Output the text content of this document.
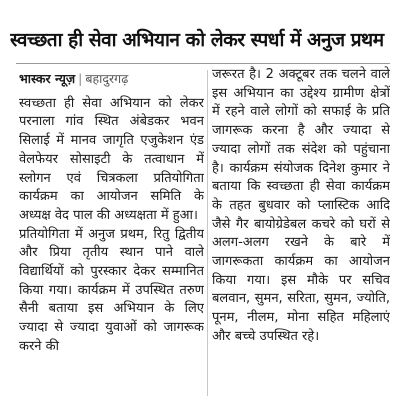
स्वच्छता ही सेवा अभियान को लेकर स्पर्धा में अनुज प्रथम
भास्कर न्यूज़ | बहादुरगढ़

स्वच्छता ही सेवा अभियान को लेकर परनाला गांव स्थित अंबेडकर भवन सिलाई में मानव जागृति एजुकेशन एंड वेलफेयर सोसाइटी के तत्वाधान में स्लोगन एवं चित्रकला प्रतियोगिता कार्यक्रम का आयोजन समिति के अध्यक्ष वेद पाल की अध्यक्षता में हुआ।

प्रतियोगिता में अनुज प्रथम, रितु द्वितीय और प्रिया तृतीय स्थान पाने वाले विद्यार्थियों को पुरस्कार देकर सम्मानित किया गया। कार्यक्रम में उपस्थित तरुण सैनी बताया इस अभियान के लिए ज्यादा से ज्यादा युवाओं को जागरूक करने की

जरूरत है। 2 अक्टूबर तक चलने वाले इस अभियान का उद्देश्य ग्रामीण क्षेत्रों में रहने वाले लोगों को सफाई के प्रति जागरूक करना है और ज्यादा से ज्यादा लोगों तक संदेश को पहुंचाना है। कार्यक्रम संयोजक दिनेश कुमार ने बताया कि स्वच्छता ही सेवा कार्यक्रम के तहत बुधवार को प्लास्टिक आदि जैसे गैर बायोग्रेडेबल कचरे को घरों से अलग-अलग रखने के बारे में जागरूकता कार्यक्रम का आयोजन किया गया। इस मौके पर सचिव बलवान, सुमन, सरिता, सुमन, ज्योति, पूनम, नीलम, मोना सहित महिलाएं और बच्चे उपस्थित रहे।
